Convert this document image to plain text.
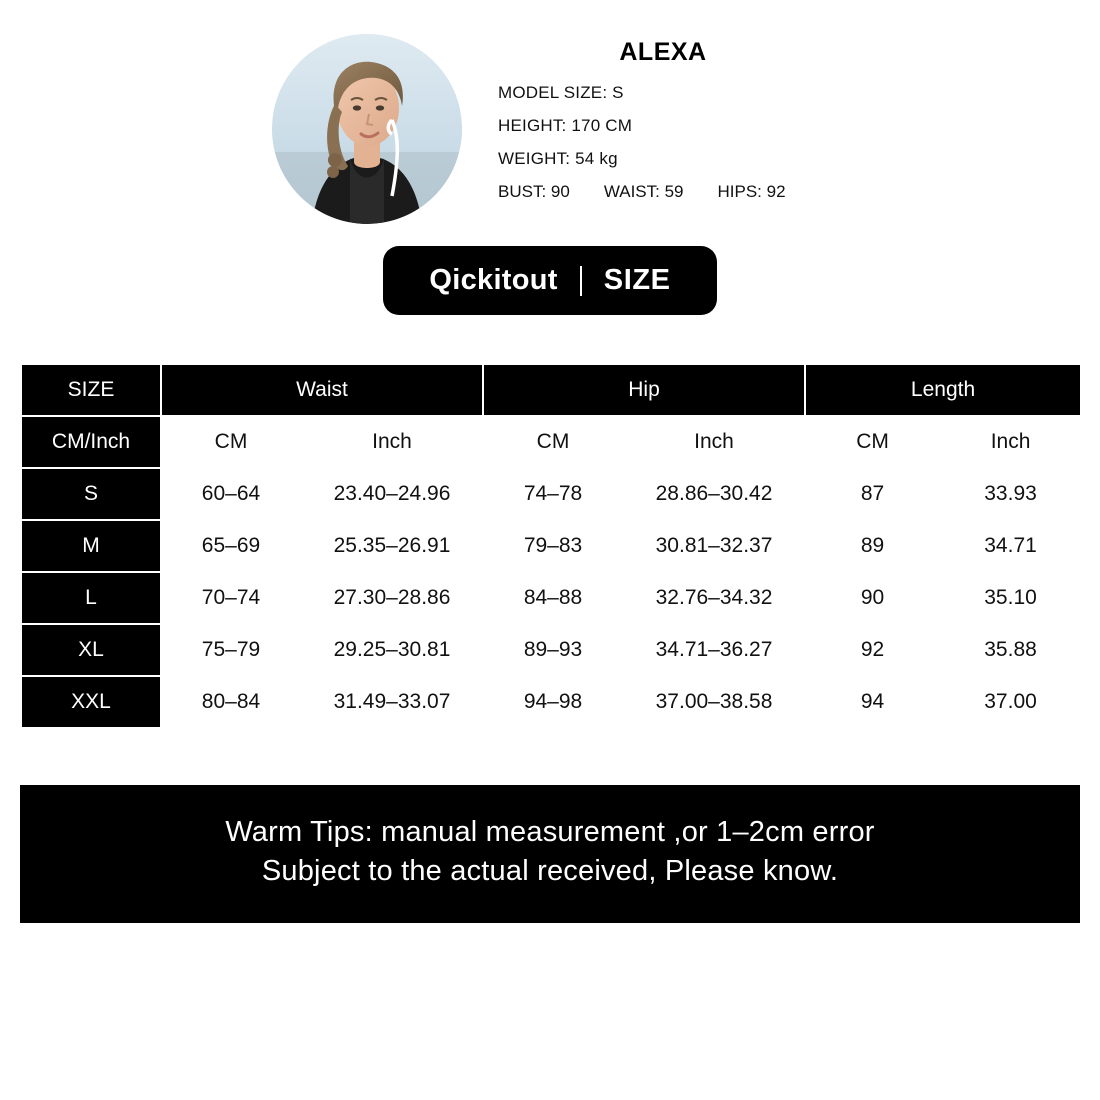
ALEXA
MODEL SIZE: S
HEIGHT: 170 CM
WEIGHT: 54 kg
BUST: 90 WAIST: 59 HIPS: 92
Qickitout SIZE
SIZE	Waist		Hip		Length	
CM/Inch	CM	Inch	CM	Inch	CM	Inch
S	60–64	23.40–24.96	74–78	28.86–30.42	87	33.93
M	65–69	25.35–26.91	79–83	30.81–32.37	89	34.71
L	70–74	27.30–28.86	84–88	32.76–34.32	90	35.10
XL	75–79	29.25–30.81	89–93	34.71–36.27	92	35.88
XXL	80–84	31.49–33.07	94–98	37.00–38.58	94	37.00
Warm Tips: manual measurement ,or 1–2cm error
Subject to the actual received, Please know.
